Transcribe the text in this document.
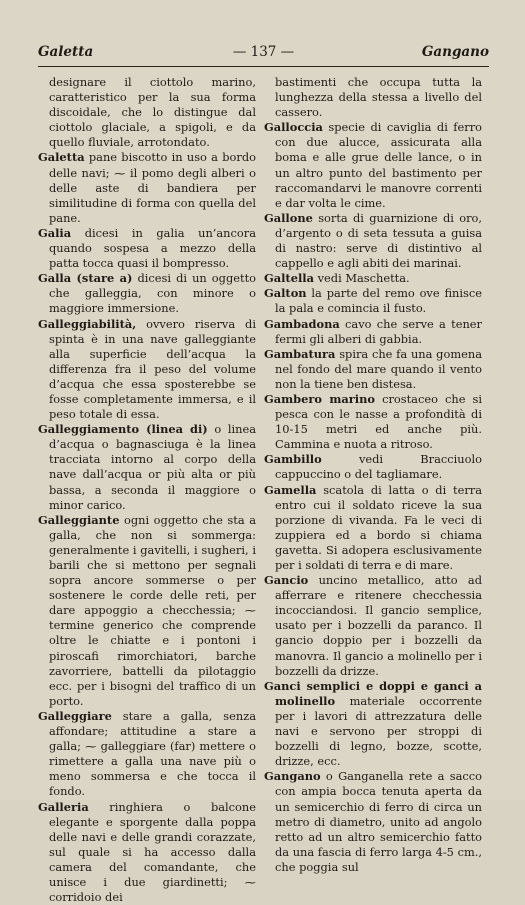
— 137 —
Galetta	Gangano

designare il ciottolo marino, caratteristico per la sua forma discoidale, che lo distingue dal ciottolo glaciale, a spigoli, e da quello fluviale, arrotondato.

Galetta pane biscotto in uso a bordo delle navi; ⁓ il pomo degli alberi o delle aste di bandiera per similitudine di forma con quella del pane.

Galia dicesi in galia un’ancora quando sospesa a mezzo della patta tocca quasi il bompresso.

Galla (stare a) dicesi di un oggetto che galleggia, con minore o maggiore immersione.

Galleggiabilità, ovvero riserva di spinta è in una nave galleggiante alla superficie dell’acqua la differenza fra il peso del volume d’acqua che essa sposterebbe se fosse completamente immersa, e il peso totale di essa.

Galleggiamento (linea di) o linea d’acqua o bagnasciuga è la linea tracciata intorno al corpo della nave dall’acqua or più alta or più bassa, a seconda il maggiore o minor carico.

Galleggiante ogni oggetto che sta a galla, che non si sommerga: generalmente i gavitelli, i sugheri, i barili che si mettono per segnali sopra ancore sommerse o per sostenere le corde delle reti, per dare appoggio a checchessia; ⁓ termine generico che comprende oltre le chiatte e i pontoni i piroscafi rimorchiatori, barche zavorriere, battelli da pilotaggio ecc. per i bisogni del traffico di un porto.

Galleggiare stare a galla, senza affondare; attitudine a stare a galla; ⁓ galleggiare (far) mettere o rimettere a galla una nave più o meno sommersa e che tocca il fondo.

Galleria ringhiera o balcone elegante e sporgente dalla poppa delle navi e delle grandi corazzate, sul quale si ha accesso dalla camera del comandante, che unisce i due giardinetti; ⁓ corridoio dei

bastimenti che occupa tutta la lunghezza della stessa a livello del cassero.

Galloccia specie di caviglia di ferro con due alucce, assicurata alla boma e alle grue delle lance, o in un altro punto del bastimento per raccomandarvi le manovre correnti e dar volta le cime.

Gallone sorta di guarnizione di oro, d’argento o di seta tessuta a guisa di nastro: serve di distintivo al cappello e agli abiti dei marinai.

Galtella vedi Maschetta.

Galton la parte del remo ove finisce la pala e comincia il fusto.

Gambadona cavo che serve a tener fermi gli alberi di gabbia.

Gambatura spira che fa una gomena nel fondo del mare quando il vento non la tiene ben distesa.

Gambero marino crostaceo che si pesca con le nasse a profondità di 10-15 metri ed anche più. Cammina e nuota a ritroso.

Gambillo vedi Bracciuolo cappuccino o del tagliamare.

Gamella scatola di latta o di terra entro cui il soldato riceve la sua porzione di vivanda. Fa le veci di zuppiera ed a bordo si chiama gavetta. Si adopera esclusivamente per i soldati di terra e di mare.

Gancio uncino metallico, atto ad afferrare e ritenere checchessia incocciandosi. Il gancio semplice, usato per i bozzelli da paranco. Il gancio doppio per i bozzelli da manovra. Il gancio a molinello per i bozzelli da drizze.

Ganci semplici e doppi e ganci a molinello materiale occorrente per i lavori di attrezzatura delle navi e servono per stroppi di bozzelli di legno, bozze, scotte, drizze, ecc.

Gangano o Ganganella rete a sacco con ampia bocca tenuta aperta da un semicerchio di ferro di circa un metro di diametro, unito ad angolo retto ad un altro semicerchio fatto da una fascia di ferro larga 4-5 cm., che poggia sul
